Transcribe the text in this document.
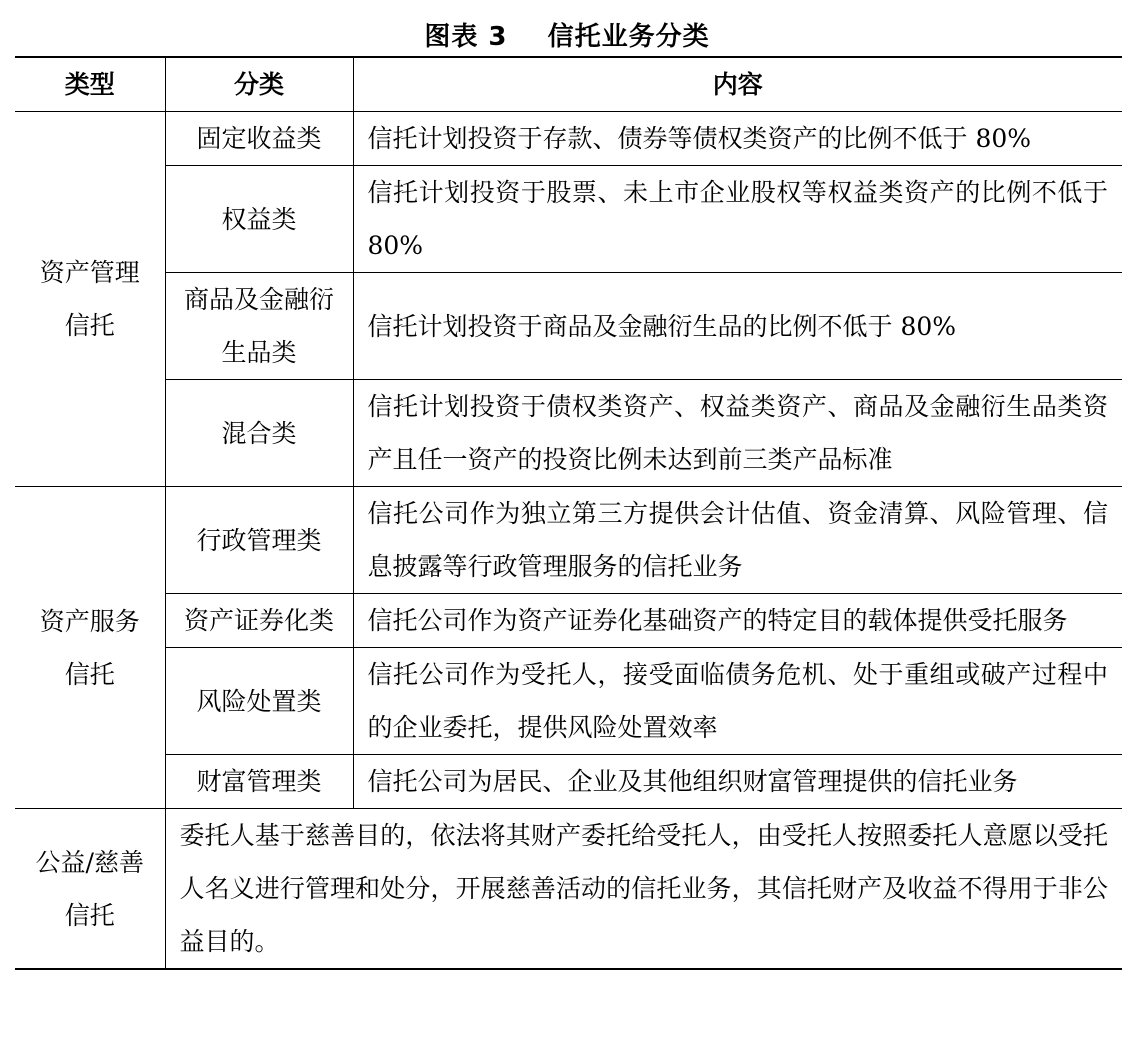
图表 3    信托业务分类
类型	分类	内容
资产管理信托	固定收益类	信托计划投资于存款、债券等债权类资产的比例不低于 80%
	权益类	信托计划投资于股票、未上市企业股权等权益类资产的比例不低于 80%
	商品及金融衍生品类	信托计划投资于商品及金融衍生品的比例不低于 80%
	混合类	信托计划投资于债权类资产、权益类资产、商品及金融衍生品类资产且任一资产的投资比例未达到前三类产品标准
资产服务信托	行政管理类	信托公司作为独立第三方提供会计估值、资金清算、风险管理、信息披露等行政管理服务的信托业务
	资产证券化类	信托公司作为资产证券化基础资产的特定目的载体提供受托服务
	风险处置类	信托公司作为受托人，接受面临债务危机、处于重组或破产过程中的企业委托，提供风险处置效率
	财富管理类	信托公司为居民、企业及其他组织财富管理提供的信托业务
公益/慈善信托	委托人基于慈善目的，依法将其财产委托给受托人，由受托人按照委托人意愿以受托人名义进行管理和处分，开展慈善活动的信托业务，其信托财产及收益不得用于非公益目的。	
